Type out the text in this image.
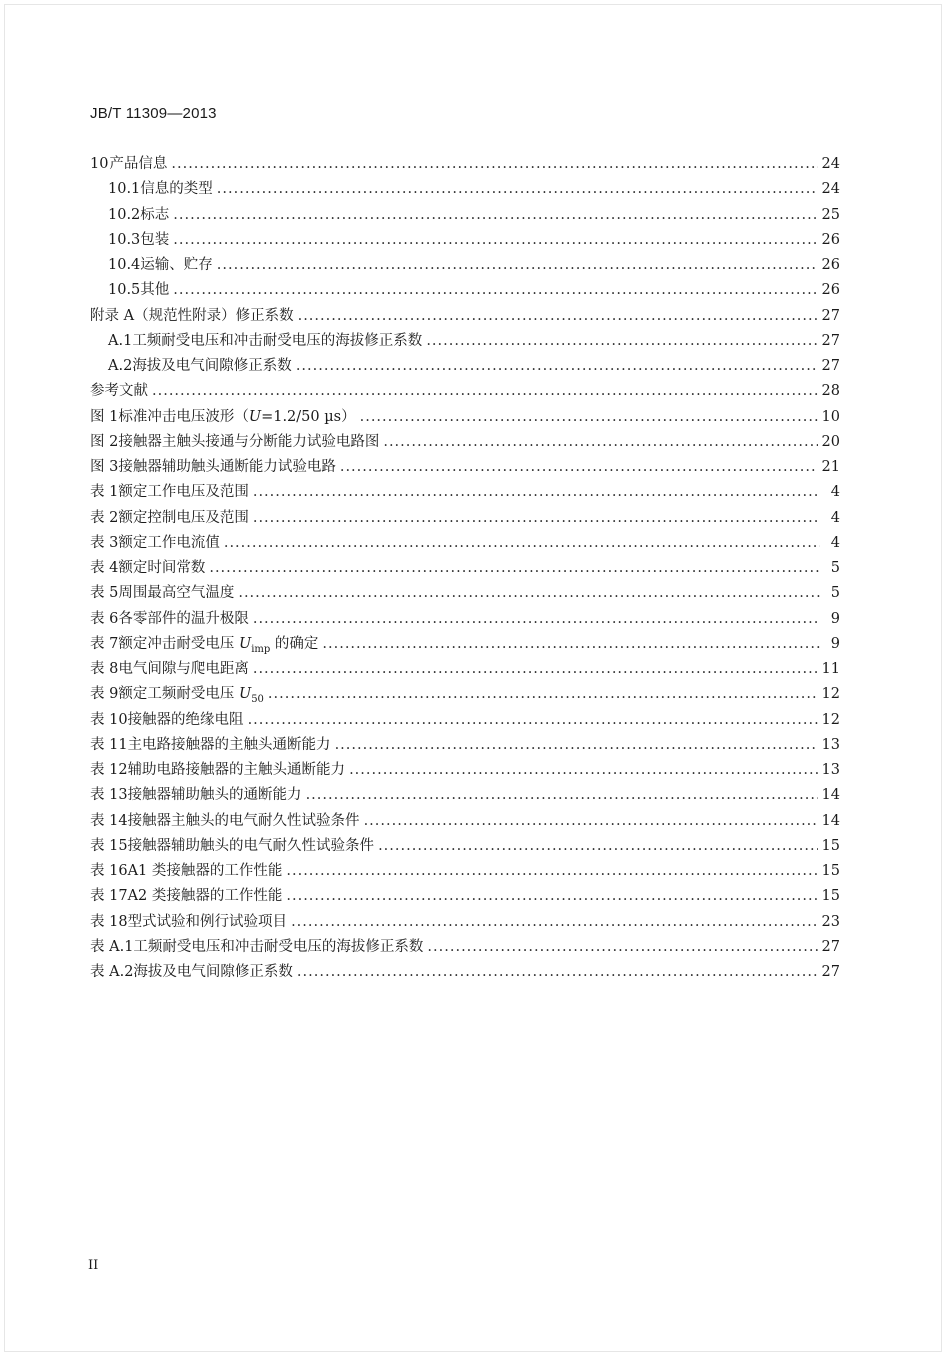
JB/T 11309—2013
10 产品信息 .....	24
10.1 信息的类型 .....	24
10.2 标志 .....	25
10.3 包装 .....	26
10.4 运输、贮存 .....	26
10.5 其他 .....	26
附录 A（规范性附录）修正系数 .....	27
A.1 工频耐受电压和冲击耐受电压的海拔修正系数 .....	27
A.2 海拔及电气间隙修正系数 .....	27
参考文献 .....	28
图 1 标准冲击电压波形（U=1.2/50 µs） .....	10
图 2 接触器主触头接通与分断能力试验电路图 .....	20
图 3 接触器辅助触头通断能力试验电路 .....	21
表 1 额定工作电压及范围 .....	4
表 2 额定控制电压及范围 .....	4
表 3 额定工作电流值 .....	4
表 4 额定时间常数 .....	5
表 5 周围最高空气温度 .....	5
表 6 各零部件的温升极限 .....	9
表 7 额定冲击耐受电压 $U_{imp}$ 的确定 .....	9
表 8 电气间隙与爬电距离 .....	11
表 9 额定工频耐受电压 $U_{50}$ .....	12
表 10 接触器的绝缘电阻 .....	12
表 11 主电路接触器的主触头通断能力 .....	13
表 12 辅助电路接触器的主触头通断能力 .....	13
表 13 接触器辅助触头的通断能力 .....	14
表 14 接触器主触头的电气耐久性试验条件 .....	14
表 15 接触器辅助触头的电气耐久性试验条件 .....	15
表 16 A1 类接触器的工作性能 .....	15
表 17 A2 类接触器的工作性能 .....	15
表 18 型式试验和例行试验项目 .....	23
表 A.1 工频耐受电压和冲击耐受电压的海拔修正系数 .....	27
表 A.2 海拔及电气间隙修正系数 .....	27
II
